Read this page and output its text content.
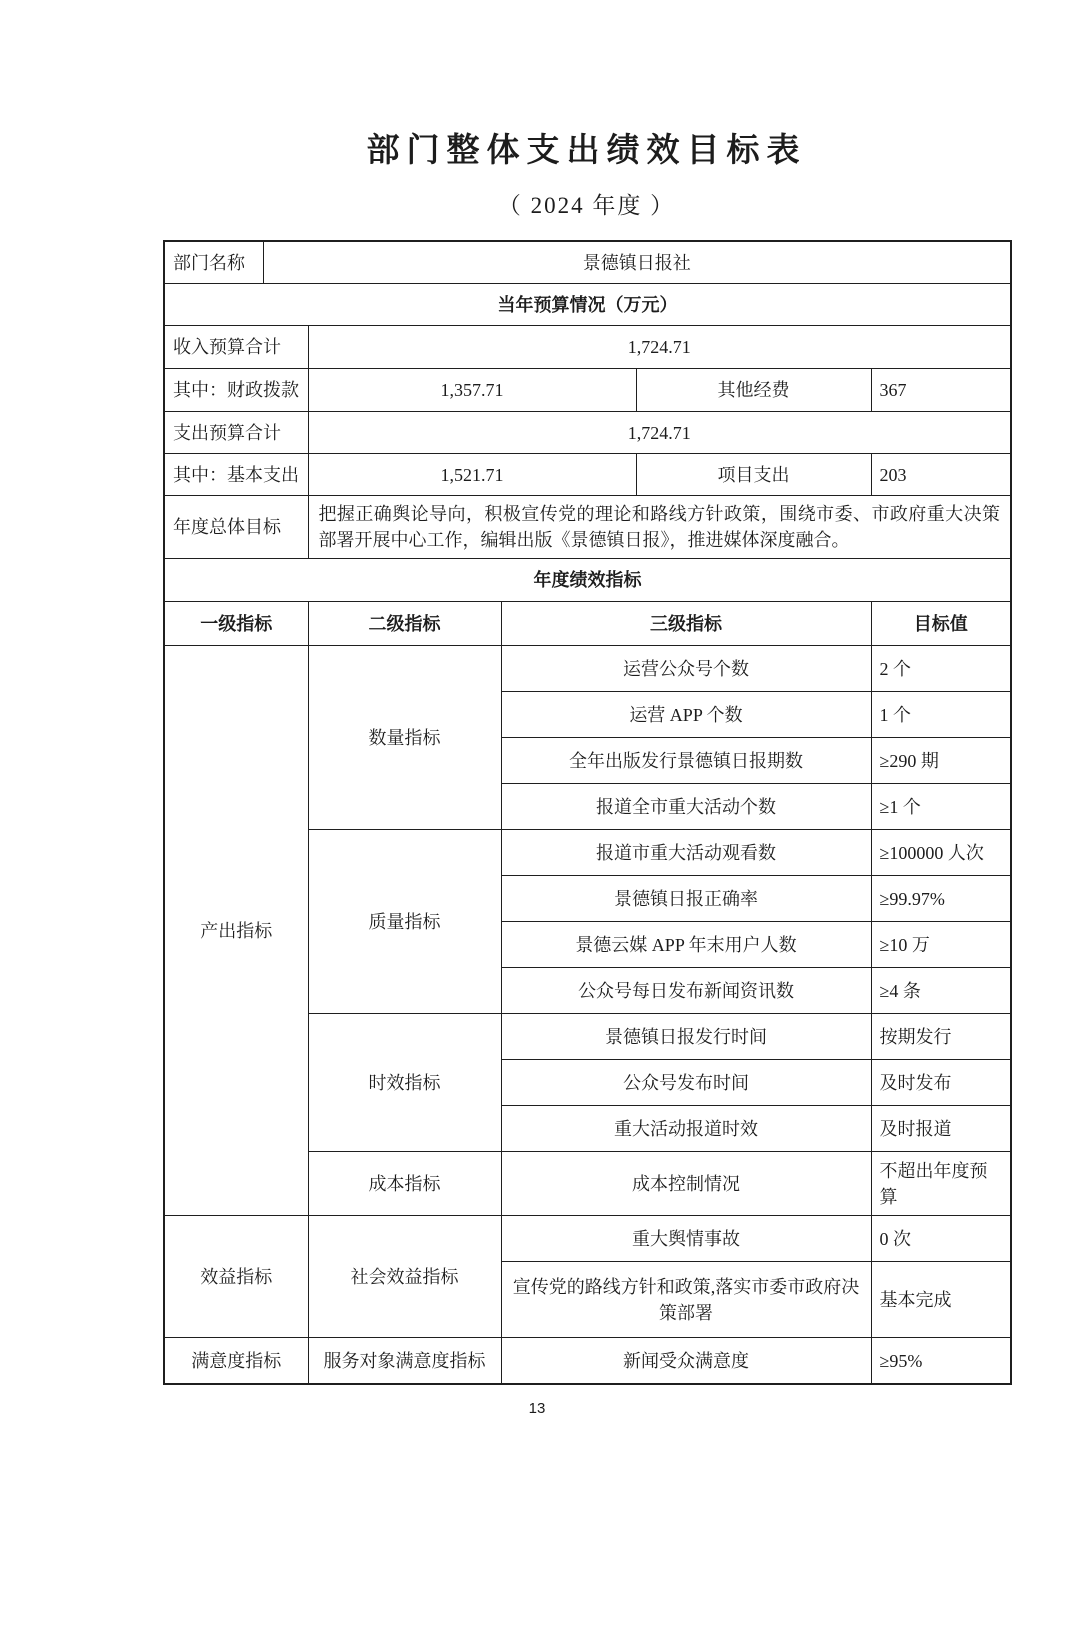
部门整体支出绩效目标表
（ 2024 年度 ）
部门名称	景德镇日报社				
当年预算情况（万元）					
收入预算合计		1,724.71			
其中：财政拨款		1,357.71		其他经费	367
支出预算合计		1,724.71			
其中：基本支出		1,521.71		项目支出	203
年度总体目标		把握正确舆论导向，积极宣传党的理论和路线方针政策，围绕市委、市政府重大决策部署开展中心工作，编辑出版《景德镇日报》，推进媒体深度融合。			
年度绩效指标					
一级指标		二级指标	三级指标		目标值
产出指标		数量指标	运营公众号个数		2 个
			运营 APP 个数		1 个
			全年出版发行景德镇日报期数		≥290 期
			报道全市重大活动个数		≥1 个
		质量指标	报道市重大活动观看数		≥100000 人次
			景德镇日报正确率		≥99.97%
			景德云媒 APP 年末用户人数		≥10 万
			公众号每日发布新闻资讯数		≥4 条
		时效指标	景德镇日报发行时间		按期发行
			公众号发布时间		及时发布
			重大活动报道时效		及时报道
		成本指标	成本控制情况		不超出年度预算
效益指标		社会效益指标	重大舆情事故		0 次
			宣传党的路线方针和政策,落实市委市政府决策部署		基本完成
满意度指标		服务对象满意度指标	新闻受众满意度		≥95%
13
